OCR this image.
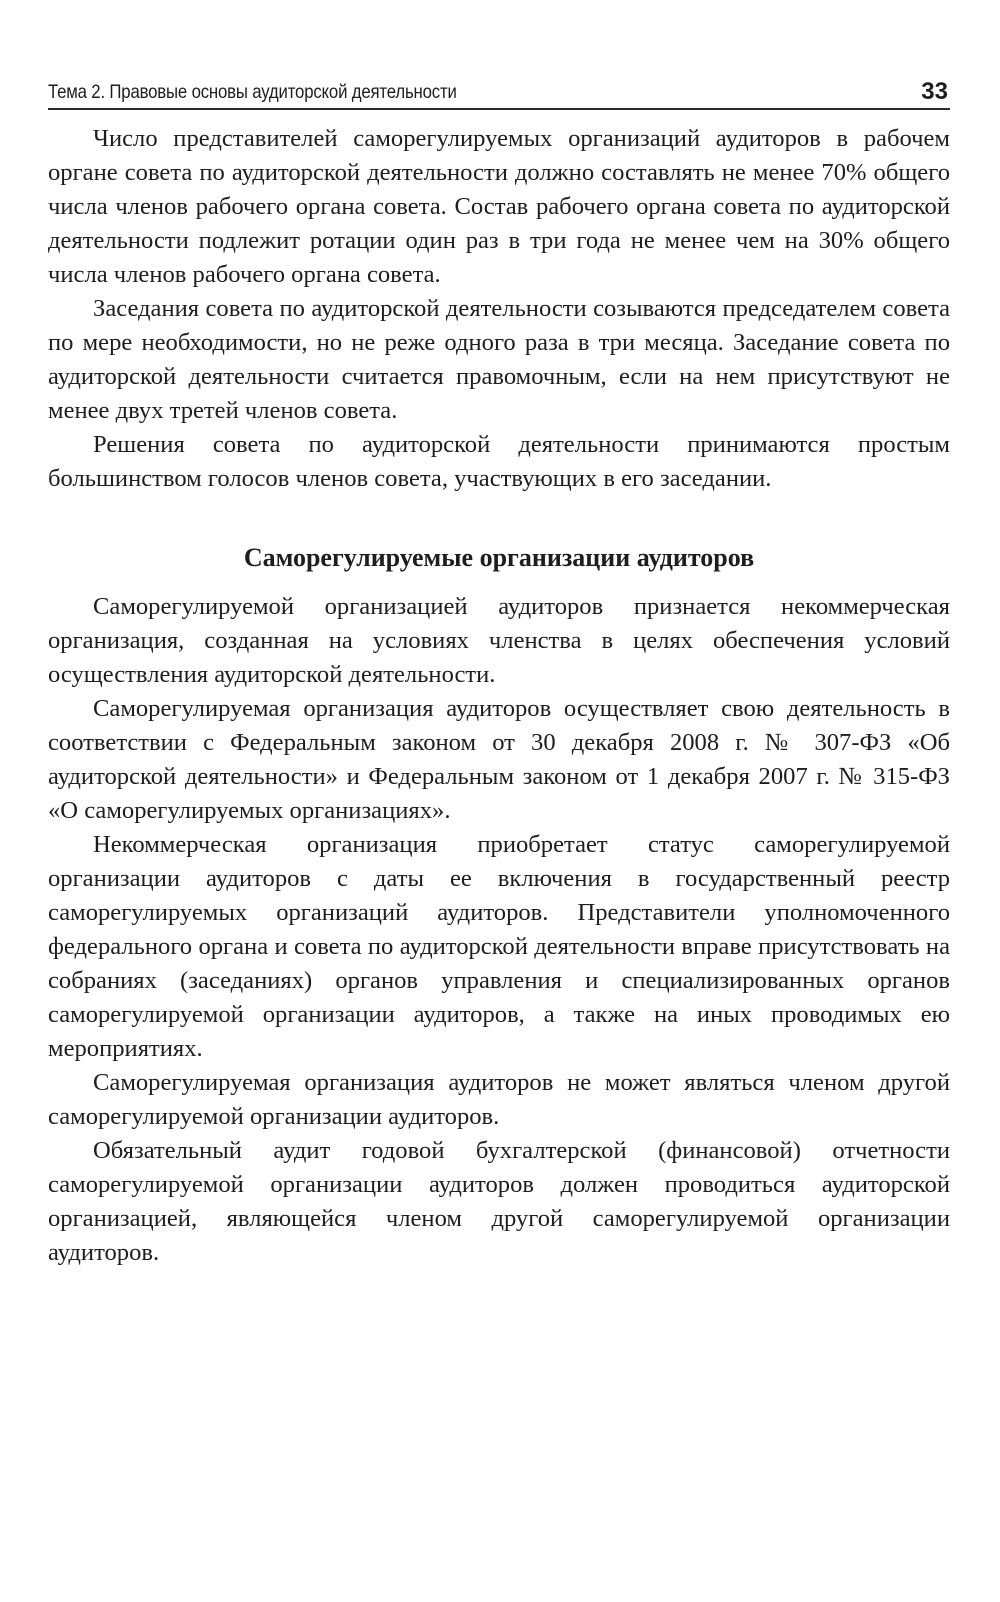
Тема 2. Правовые основы аудиторской деятельности	33

Число представителей саморегулируемых организаций аудиторов в рабочем органе совета по аудиторской деятельности должно составлять не менее 70% общего числа членов рабочего органа совета. Состав рабочего органа совета по аудиторской деятельности подлежит ротации один раз в три года не менее чем на 30% общего числа членов рабочего органа совета.

Заседания совета по аудиторской деятельности созываются председателем совета по мере необходимости, но не реже одного раза в три месяца. Заседание совета по аудиторской деятельности считается правомочным, если на нем присутствуют не менее двух третей членов совета.

Решения совета по аудиторской деятельности принимаются простым большинством голосов членов совета, участвующих в его заседании.

Саморегулируемые организации аудиторов

Саморегулируемой организацией аудиторов признается некоммерческая организация, созданная на условиях членства в целях обеспечения условий осуществления аудиторской деятельности.

Саморегулируемая организация аудиторов осуществляет свою деятельность в соответствии с Федеральным законом от 30 декабря 2008 г. № 307-ФЗ «Об аудиторской деятельности» и Федеральным законом от 1 декабря 2007 г. № 315-ФЗ «О саморегулируемых организациях».

Некоммерческая организация приобретает статус саморегулируемой организации аудиторов с даты ее включения в государственный реестр саморегулируемых организаций аудиторов. Представители уполномоченного федерального органа и совета по аудиторской деятельности вправе присутствовать на собраниях (заседаниях) органов управления и специализированных органов саморегулируемой организации аудиторов, а также на иных проводимых ею мероприятиях.

Саморегулируемая организация аудиторов не может являться членом другой саморегулируемой организации аудиторов.

Обязательный аудит годовой бухгалтерской (финансовой) отчетности саморегулируемой организации аудиторов должен проводиться аудиторской организацией, являющейся членом другой саморегулируемой организации аудиторов.
